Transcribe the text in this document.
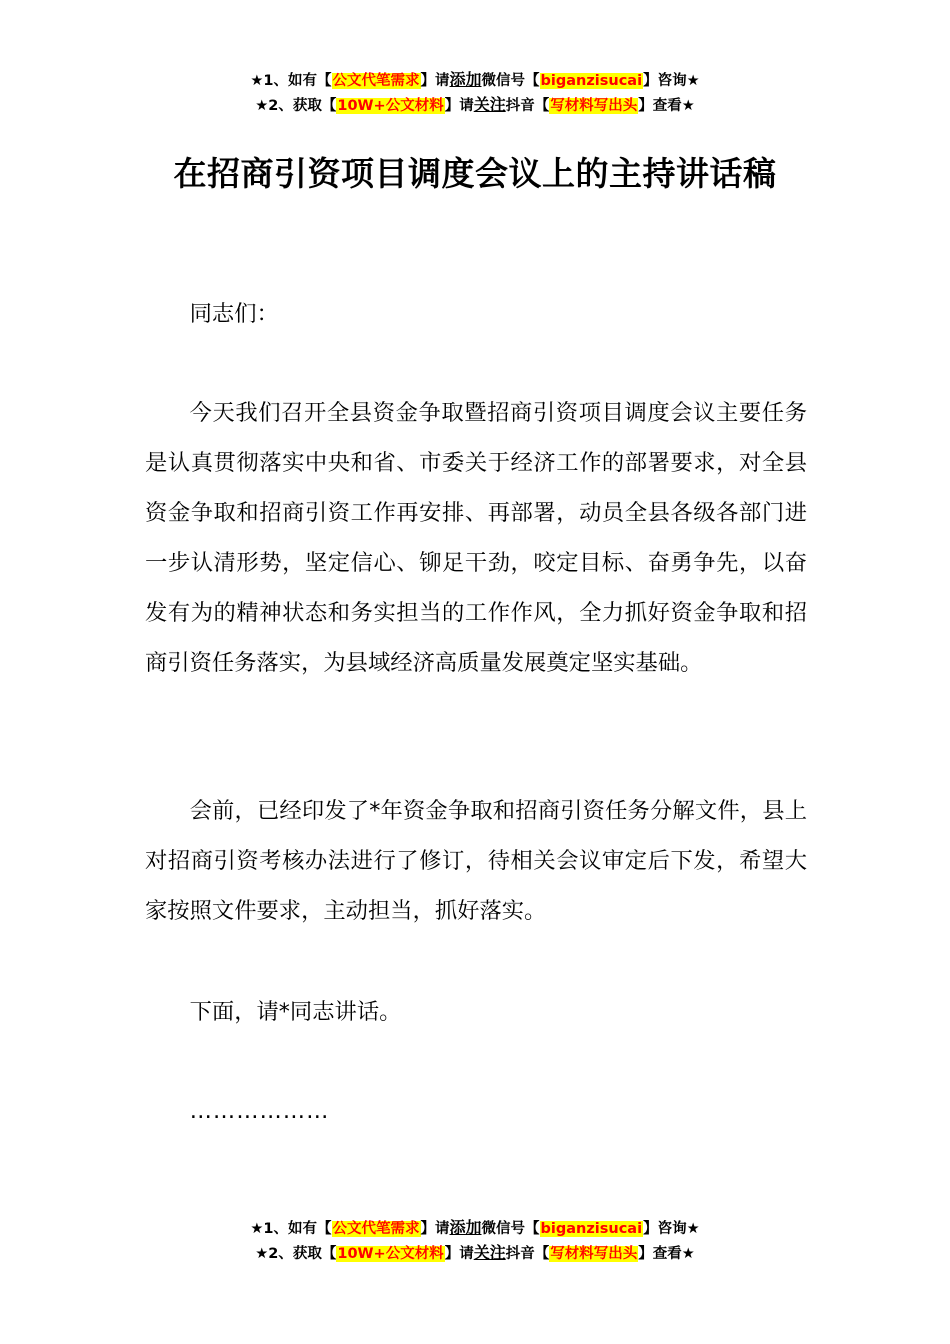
★1、如有【公文代笔需求】请添加微信号【biganzisucai】咨询★
★2、获取【10W+公文材料】请关注抖音【写材料写出头】查看★
在招商引资项目调度会议上的主持讲话稿

同志们：

今天我们召开全县资金争取暨招商引资项目调度会议主要任务是认真贯彻落实中央和省、市委关于经济工作的部署要求，对全县资金争取和招商引资工作再安排、再部署，动员全县各级各部门进一步认清形势，坚定信心、铆足干劲，咬定目标、奋勇争先，以奋发有为的精神状态和务实担当的工作作风，全力抓好资金争取和招商引资任务落实，为县域经济高质量发展奠定坚实基础。

会前，已经印发了*年资金争取和招商引资任务分解文件，县上对招商引资考核办法进行了修订，待相关会议审定后下发，希望大家按照文件要求，主动担当，抓好落实。

下面，请*同志讲话。

………………

★1、如有【公文代笔需求】请添加微信号【biganzisucai】咨询★
★2、获取【10W+公文材料】请关注抖音【写材料写出头】查看★
